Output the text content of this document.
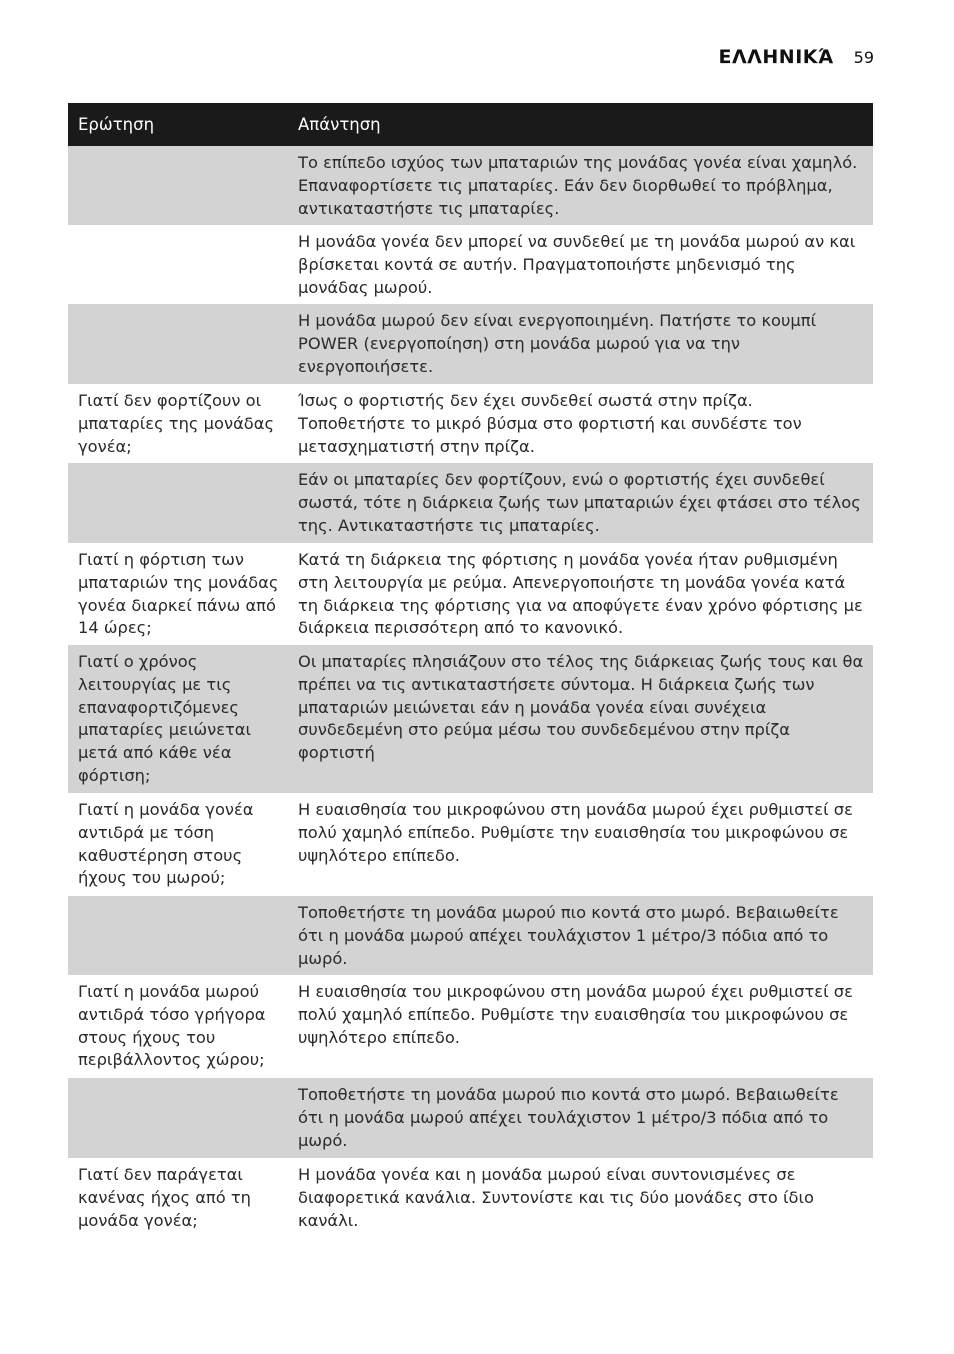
ΕΛΛΗΝΙΚΆ 59
Ερώτηση	Απάντηση
Το επίπεδο ισχύος των μπαταριών της μονάδας γονέα είναι χαμηλό. Επαναφορτίσετε τις μπαταρίες. Εάν δεν διορθωθεί το πρόβλημα, αντικαταστήστε τις μπαταρίες.
Η μονάδα γονέα δεν μπορεί να συνδεθεί με τη μονάδα μωρού αν και βρίσκεται κοντά σε αυτήν. Πραγματοποιήστε μηδενισμό της μονάδας μωρού.
Η μονάδα μωρού δεν είναι ενεργοποιημένη. Πατήστε το κουμπί POWER (ενεργοποίηση) στη μονάδα μωρού για να την ενεργοποιήσετε.
Γιατί δεν φορτίζουν οι μπαταρίες της μονάδας γονέα;
Ίσως ο φορτιστής δεν έχει συνδεθεί σωστά στην πρίζα. Τοποθετήστε το μικρό βύσμα στο φορτιστή και συνδέστε τον μετασχηματιστή στην πρίζα.
Εάν οι μπαταρίες δεν φορτίζουν, ενώ ο φορτιστής έχει συνδεθεί σωστά, τότε η διάρκεια ζωής των μπαταριών έχει φτάσει στο τέλος της. Αντικαταστήστε τις μπαταρίες.
Γιατί η φόρτιση των μπαταριών της μονάδας γονέα διαρκεί πάνω από 14 ώρες;
Κατά τη διάρκεια της φόρτισης η μονάδα γονέα ήταν ρυθμισμένη στη λειτουργία με ρεύμα. Απενεργοποιήστε τη μονάδα γονέα κατά τη διάρκεια της φόρτισης για να αποφύγετε έναν χρόνο φόρτισης με διάρκεια περισσότερη από το κανονικό.
Γιατί ο χρόνος λειτουργίας με τις επαναφορτιζόμενες μπαταρίες μειώνεται μετά από κάθε νέα φόρτιση;
Οι μπαταρίες πλησιάζουν στο τέλος της διάρκειας ζωής τους και θα πρέπει να τις αντικαταστήσετε σύντομα. Η διάρκεια ζωής των μπαταριών μειώνεται εάν η μονάδα γονέα είναι συνέχεια συνδεδεμένη στο ρεύμα μέσω του συνδεδεμένου στην πρίζα φορτιστή
Γιατί η μονάδα γονέα αντιδρά με τόση καθυστέρηση στους ήχους του μωρού;
Η ευαισθησία του μικροφώνου στη μονάδα μωρού έχει ρυθμιστεί σε πολύ χαμηλό επίπεδο. Ρυθμίστε την ευαισθησία του μικροφώνου σε υψηλότερο επίπεδο.
Τοποθετήστε τη μονάδα μωρού πιο κοντά στο μωρό. Βεβαιωθείτε ότι η μονάδα μωρού απέχει τουλάχιστον 1 μέτρο/3 πόδια από το μωρό.
Γιατί η μονάδα μωρού αντιδρά τόσο γρήγορα στους ήχους του περιβάλλοντος χώρου;
Η ευαισθησία του μικροφώνου στη μονάδα μωρού έχει ρυθμιστεί σε πολύ χαμηλό επίπεδο. Ρυθμίστε την ευαισθησία του μικροφώνου σε υψηλότερο επίπεδο.
Τοποθετήστε τη μονάδα μωρού πιο κοντά στο μωρό. Βεβαιωθείτε ότι η μονάδα μωρού απέχει τουλάχιστον 1 μέτρο/3 πόδια από το μωρό.
Γιατί δεν παράγεται κανένας ήχος από τη μονάδα γονέα;
Η μονάδα γονέα και η μονάδα μωρού είναι συντονισμένες σε διαφορετικά κανάλια. Συντονίστε και τις δύο μονάδες στο ίδιο κανάλι.
